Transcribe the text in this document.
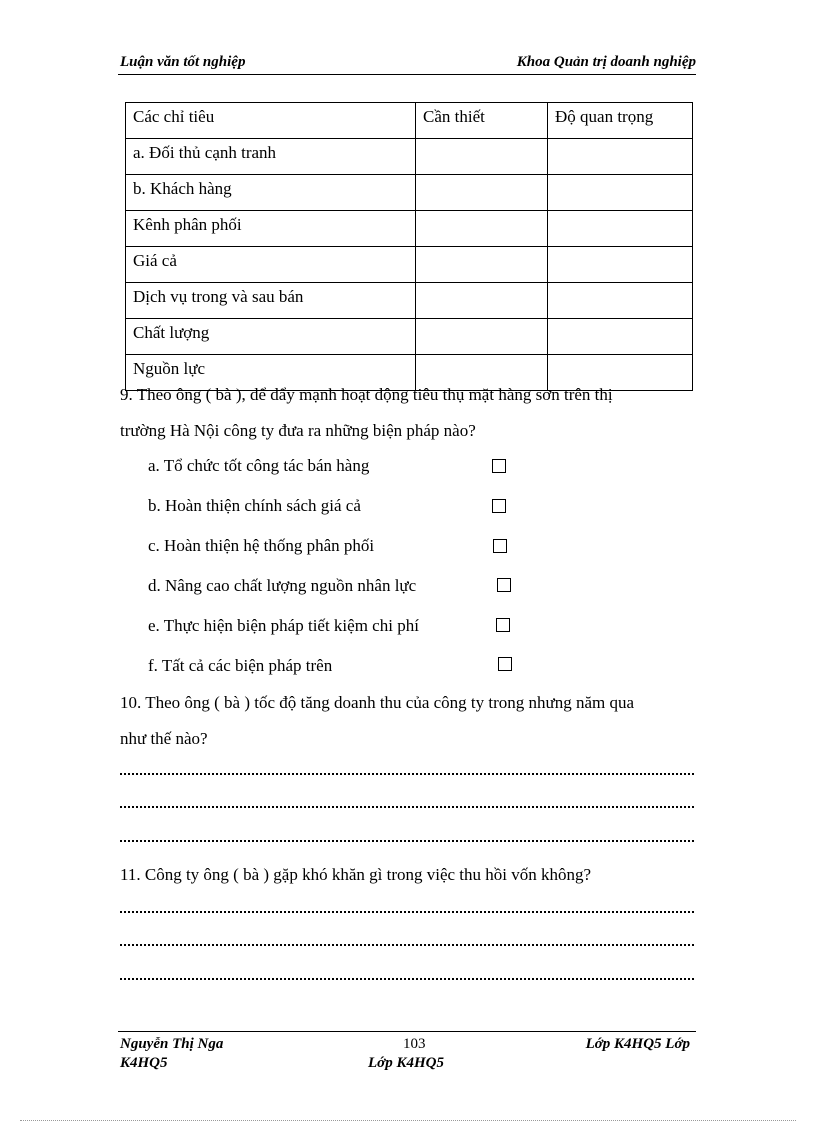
Luận văn tốt nghiệp	Khoa Quản trị doanh nghiệp
Các chỉ tiêu	Cần thiết	Độ quan trọng
a. Đối thủ cạnh tranh		
b. Khách hàng		
Kênh phân phối		
Giá cả		
Dịch vụ trong và sau bán		
Chất lượng		
Nguồn lực		
9. Theo ông ( bà ), để đẩy mạnh hoạt động tiêu thụ mặt hàng sơn trên thị
trường Hà Nội công ty đưa ra những biện pháp nào?
a. Tổ chức tốt công tác bán hàng
b. Hoàn thiện chính sách giá cả
c. Hoàn thiện hệ thống phân phối
d. Nâng cao chất lượng nguồn nhân lực
e. Thực hiện biện pháp tiết kiệm chi phí
f. Tất cả các biện pháp trên
10. Theo ông ( bà ) tốc độ tăng doanh thu của công ty trong nhưng năm qua
như thế nào?
11. Công ty ông ( bà ) gặp khó khăn gì trong việc thu hồi vốn không?
Nguyễn Thị Nga	103	Lớp K4HQ5 Lớp
K4HQ5	Lớp K4HQ5
